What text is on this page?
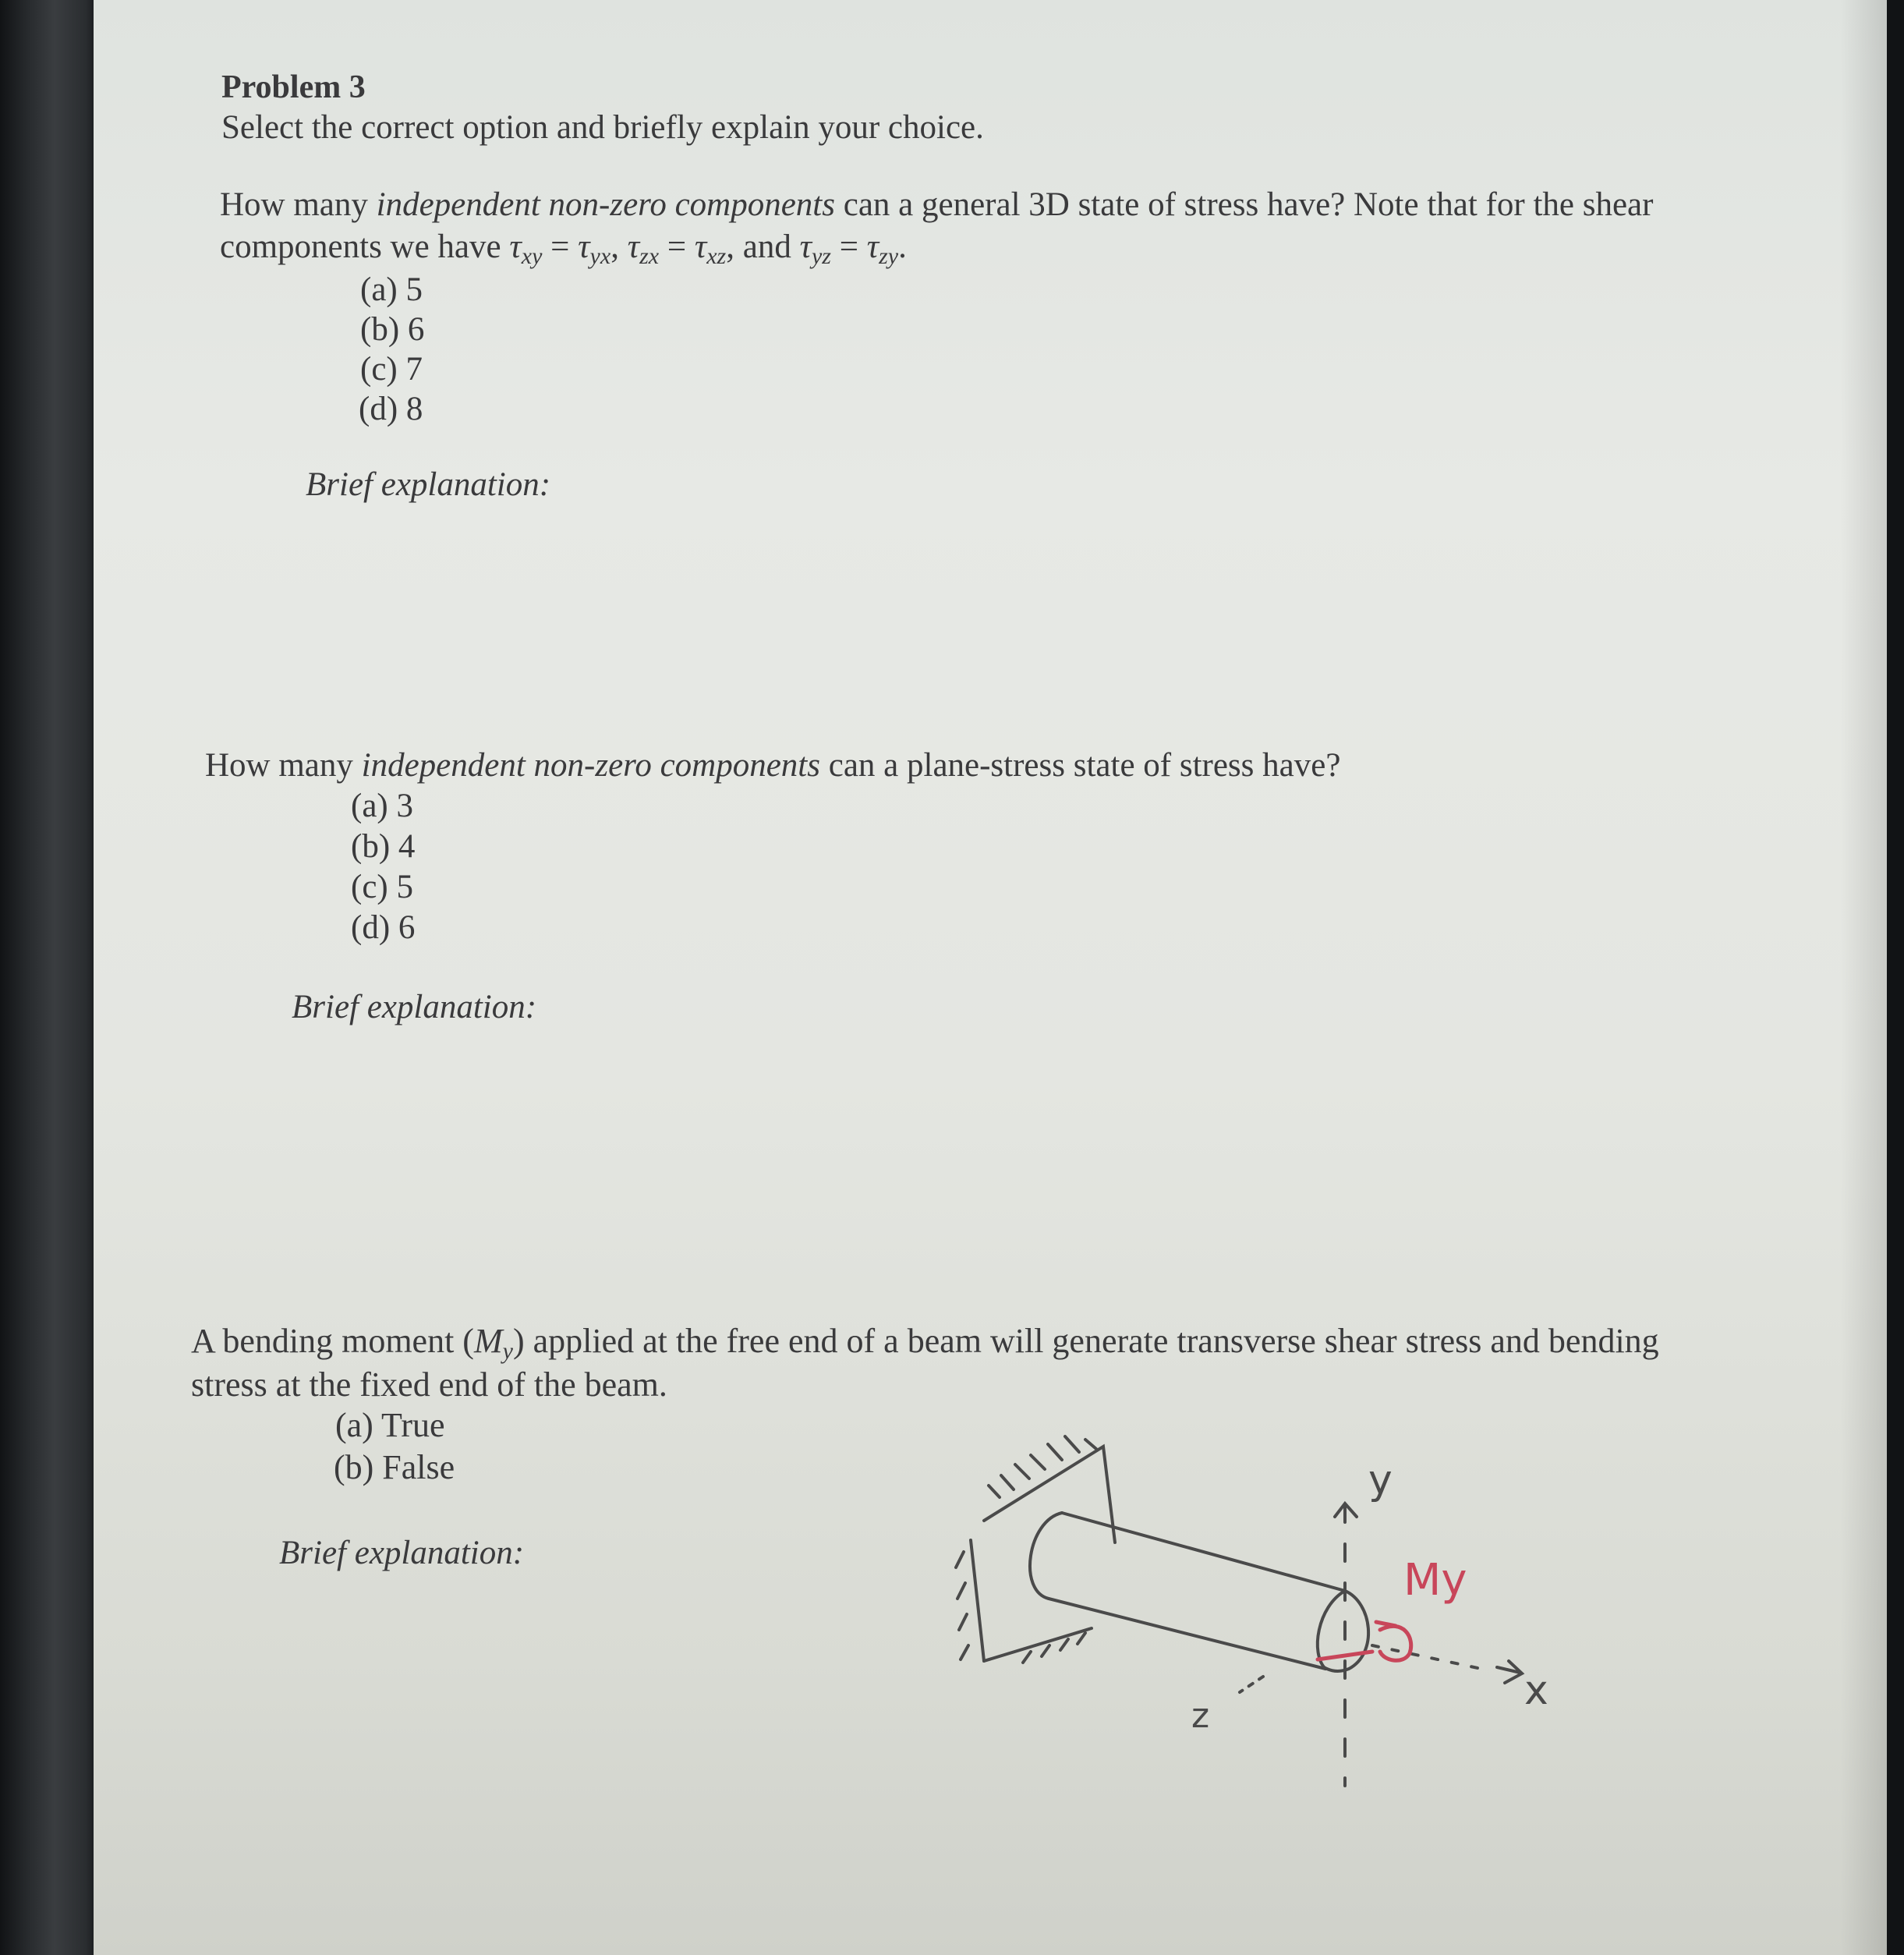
Problem 3
Select the correct option and briefly explain your choice.
How many independent non-zero components can a general 3D state of stress have? Note that for the shear components we have $\tau_{xy} = \tau_{yx}$, $\tau_{zx} = \tau_{xz}$, and $\tau_{yz} = \tau_{zy}$.
(a) 5
(b) 6
(c) 7
(d) 8
Brief explanation:
How many independent non-zero components can a plane-stress state of stress have?
(a) 3
(b) 4
(c) 5
(d) 6
Brief explanation:
A bending moment $(M_y)$ applied at the free end of a beam will generate transverse shear stress and bending stress at the fixed end of the beam.
(a) True
(b) False
Brief explanation:
My
y
x
z
